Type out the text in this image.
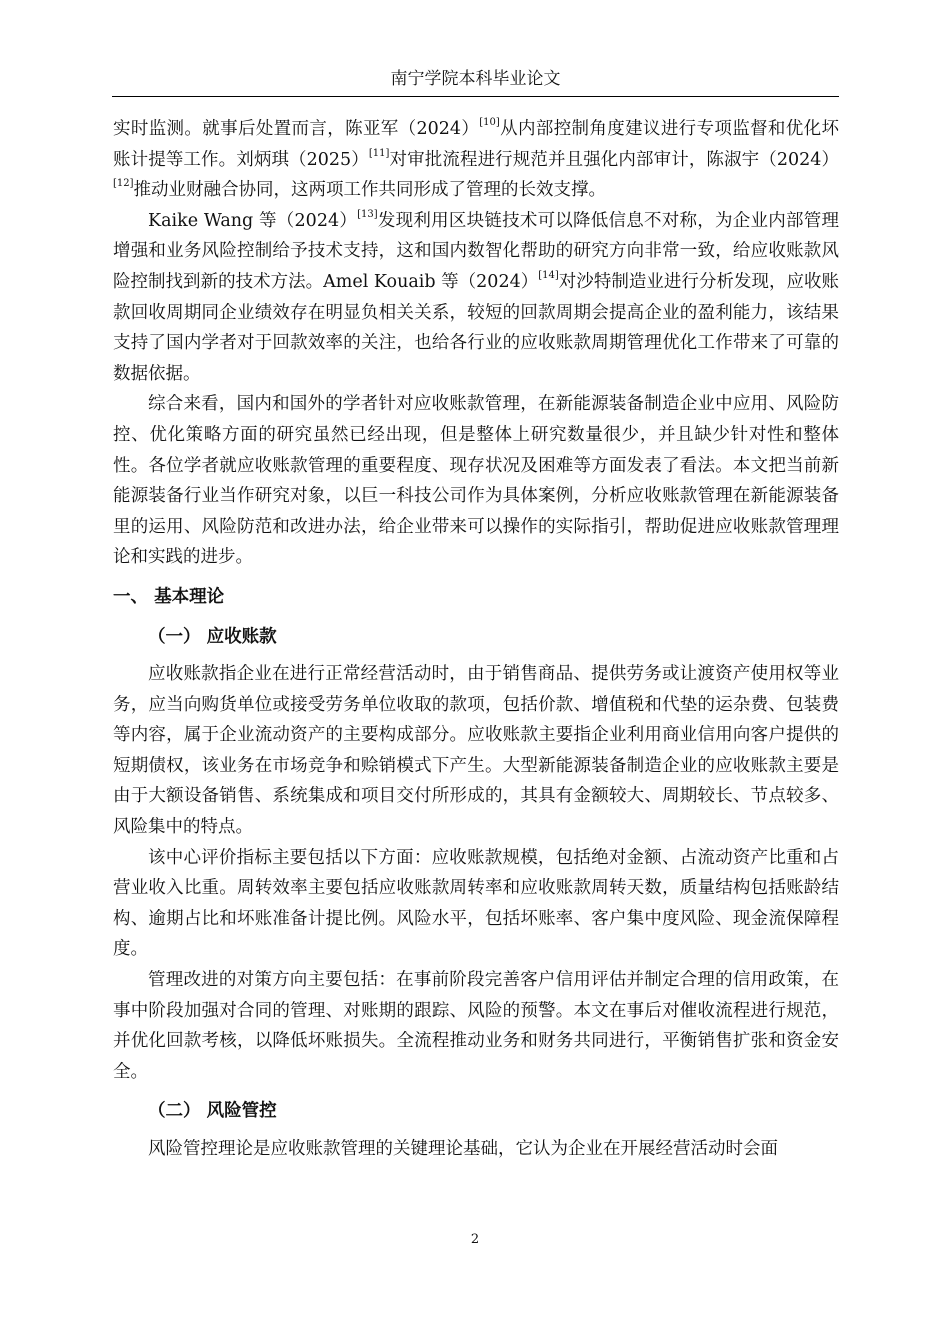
南宁学院本科毕业论文

实时监测。就事后处置而言，陈亚军（2024）[10]从内部控制角度建议进行专项监督和优化坏账计提等工作。刘炳琪（2025）[11]对审批流程进行规范并且强化内部审计，陈淑宇（2024）[12]推动业财融合协同，这两项工作共同形成了管理的长效支撑。

Kaike Wang 等（2024）[13]发现利用区块链技术可以降低信息不对称，为企业内部管理增强和业务风险控制给予技术支持，这和国内数智化帮助的研究方向非常一致，给应收账款风险控制找到新的技术方法。Amel Kouaib 等（2024）[14]对沙特制造业进行分析发现，应收账款回收周期同企业绩效存在明显负相关关系，较短的回款周期会提高企业的盈利能力，该结果支持了国内学者对于回款效率的关注，也给各行业的应收账款周期管理优化工作带来了可靠的数据依据。

综合来看，国内和国外的学者针对应收账款管理，在新能源装备制造企业中应用、风险防控、优化策略方面的研究虽然已经出现，但是整体上研究数量很少，并且缺少针对性和整体性。各位学者就应收账款管理的重要程度、现存状况及困难等方面发表了看法。本文把当前新能源装备行业当作研究对象，以巨一科技公司作为具体案例，分析应收账款管理在新能源装备里的运用、风险防范和改进办法，给企业带来可以操作的实际指引，帮助促进应收账款管理理论和实践的进步。

一、 基本理论
（一） 应收账款

应收账款指企业在进行正常经营活动时，由于销售商品、提供劳务或让渡资产使用权等业务，应当向购货单位或接受劳务单位收取的款项，包括价款、增值税和代垫的运杂费、包装费等内容，属于企业流动资产的主要构成部分。应收账款主要指企业利用商业信用向客户提供的短期债权，该业务在市场竞争和赊销模式下产生。大型新能源装备制造企业的应收账款主要是由于大额设备销售、系统集成和项目交付所形成的，其具有金额较大、周期较长、节点较多、风险集中的特点。

该中心评价指标主要包括以下方面：应收账款规模，包括绝对金额、占流动资产比重和占营业收入比重。周转效率主要包括应收账款周转率和应收账款周转天数，质量结构包括账龄结构、逾期占比和坏账准备计提比例。风险水平，包括坏账率、客户集中度风险、现金流保障程度。

管理改进的对策方向主要包括：在事前阶段完善客户信用评估并制定合理的信用政策，在事中阶段加强对合同的管理、对账期的跟踪、风险的预警。本文在事后对催收流程进行规范，并优化回款考核，以降低坏账损失。全流程推动业务和财务共同进行，平衡销售扩张和资金安全。

（二） 风险管控

风险管控理论是应收账款管理的关键理论基础，它认为企业在开展经营活动时会面

2
